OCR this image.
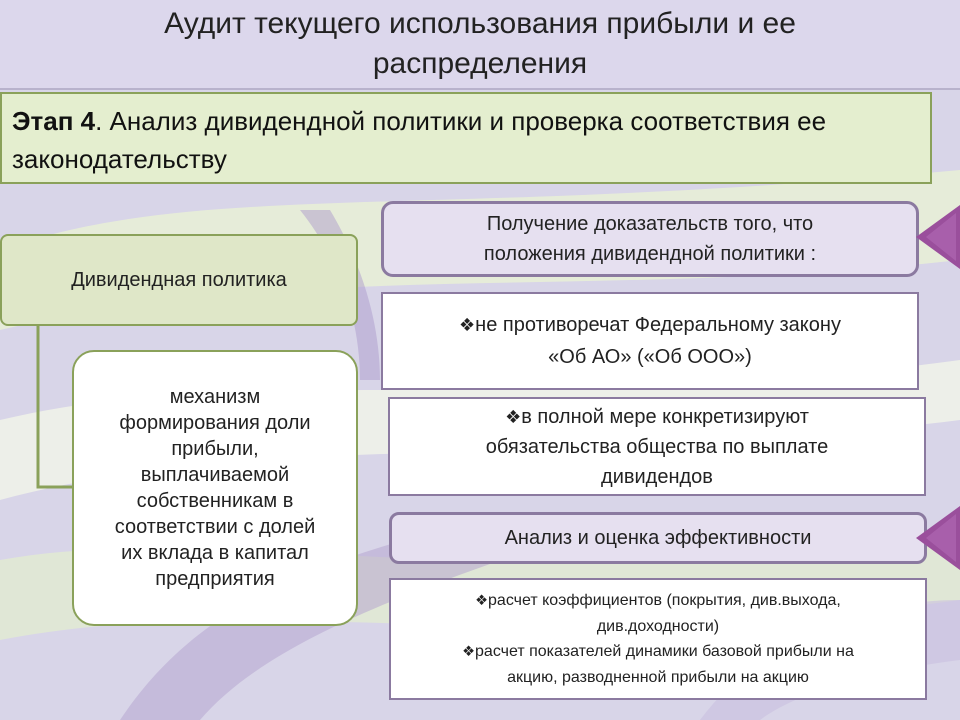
Аудит текущего использования прибыли и ее
распределения
Этап 4. Анализ дивидендной политики и проверка соответствия ее
законодательству
Дивидендная политика
механизм
формирования доли
прибыли,
выплачиваемой
собственникам в
соответствии с долей
их вклада в капитал
предприятия
Получение доказательств того, что
положения дивидендной политики :
❖не противоречат Федеральному закону
«Об АО» («Об ООО»)
❖в полной мере конкретизируют
обязательства общества по выплате
дивидендов
Анализ и оценка эффективности
❖расчет коэффициентов (покрытия, див.выхода,
див.доходности)
❖расчет показателей динамики базовой прибыли на
акцию, разводненной прибыли на акцию
